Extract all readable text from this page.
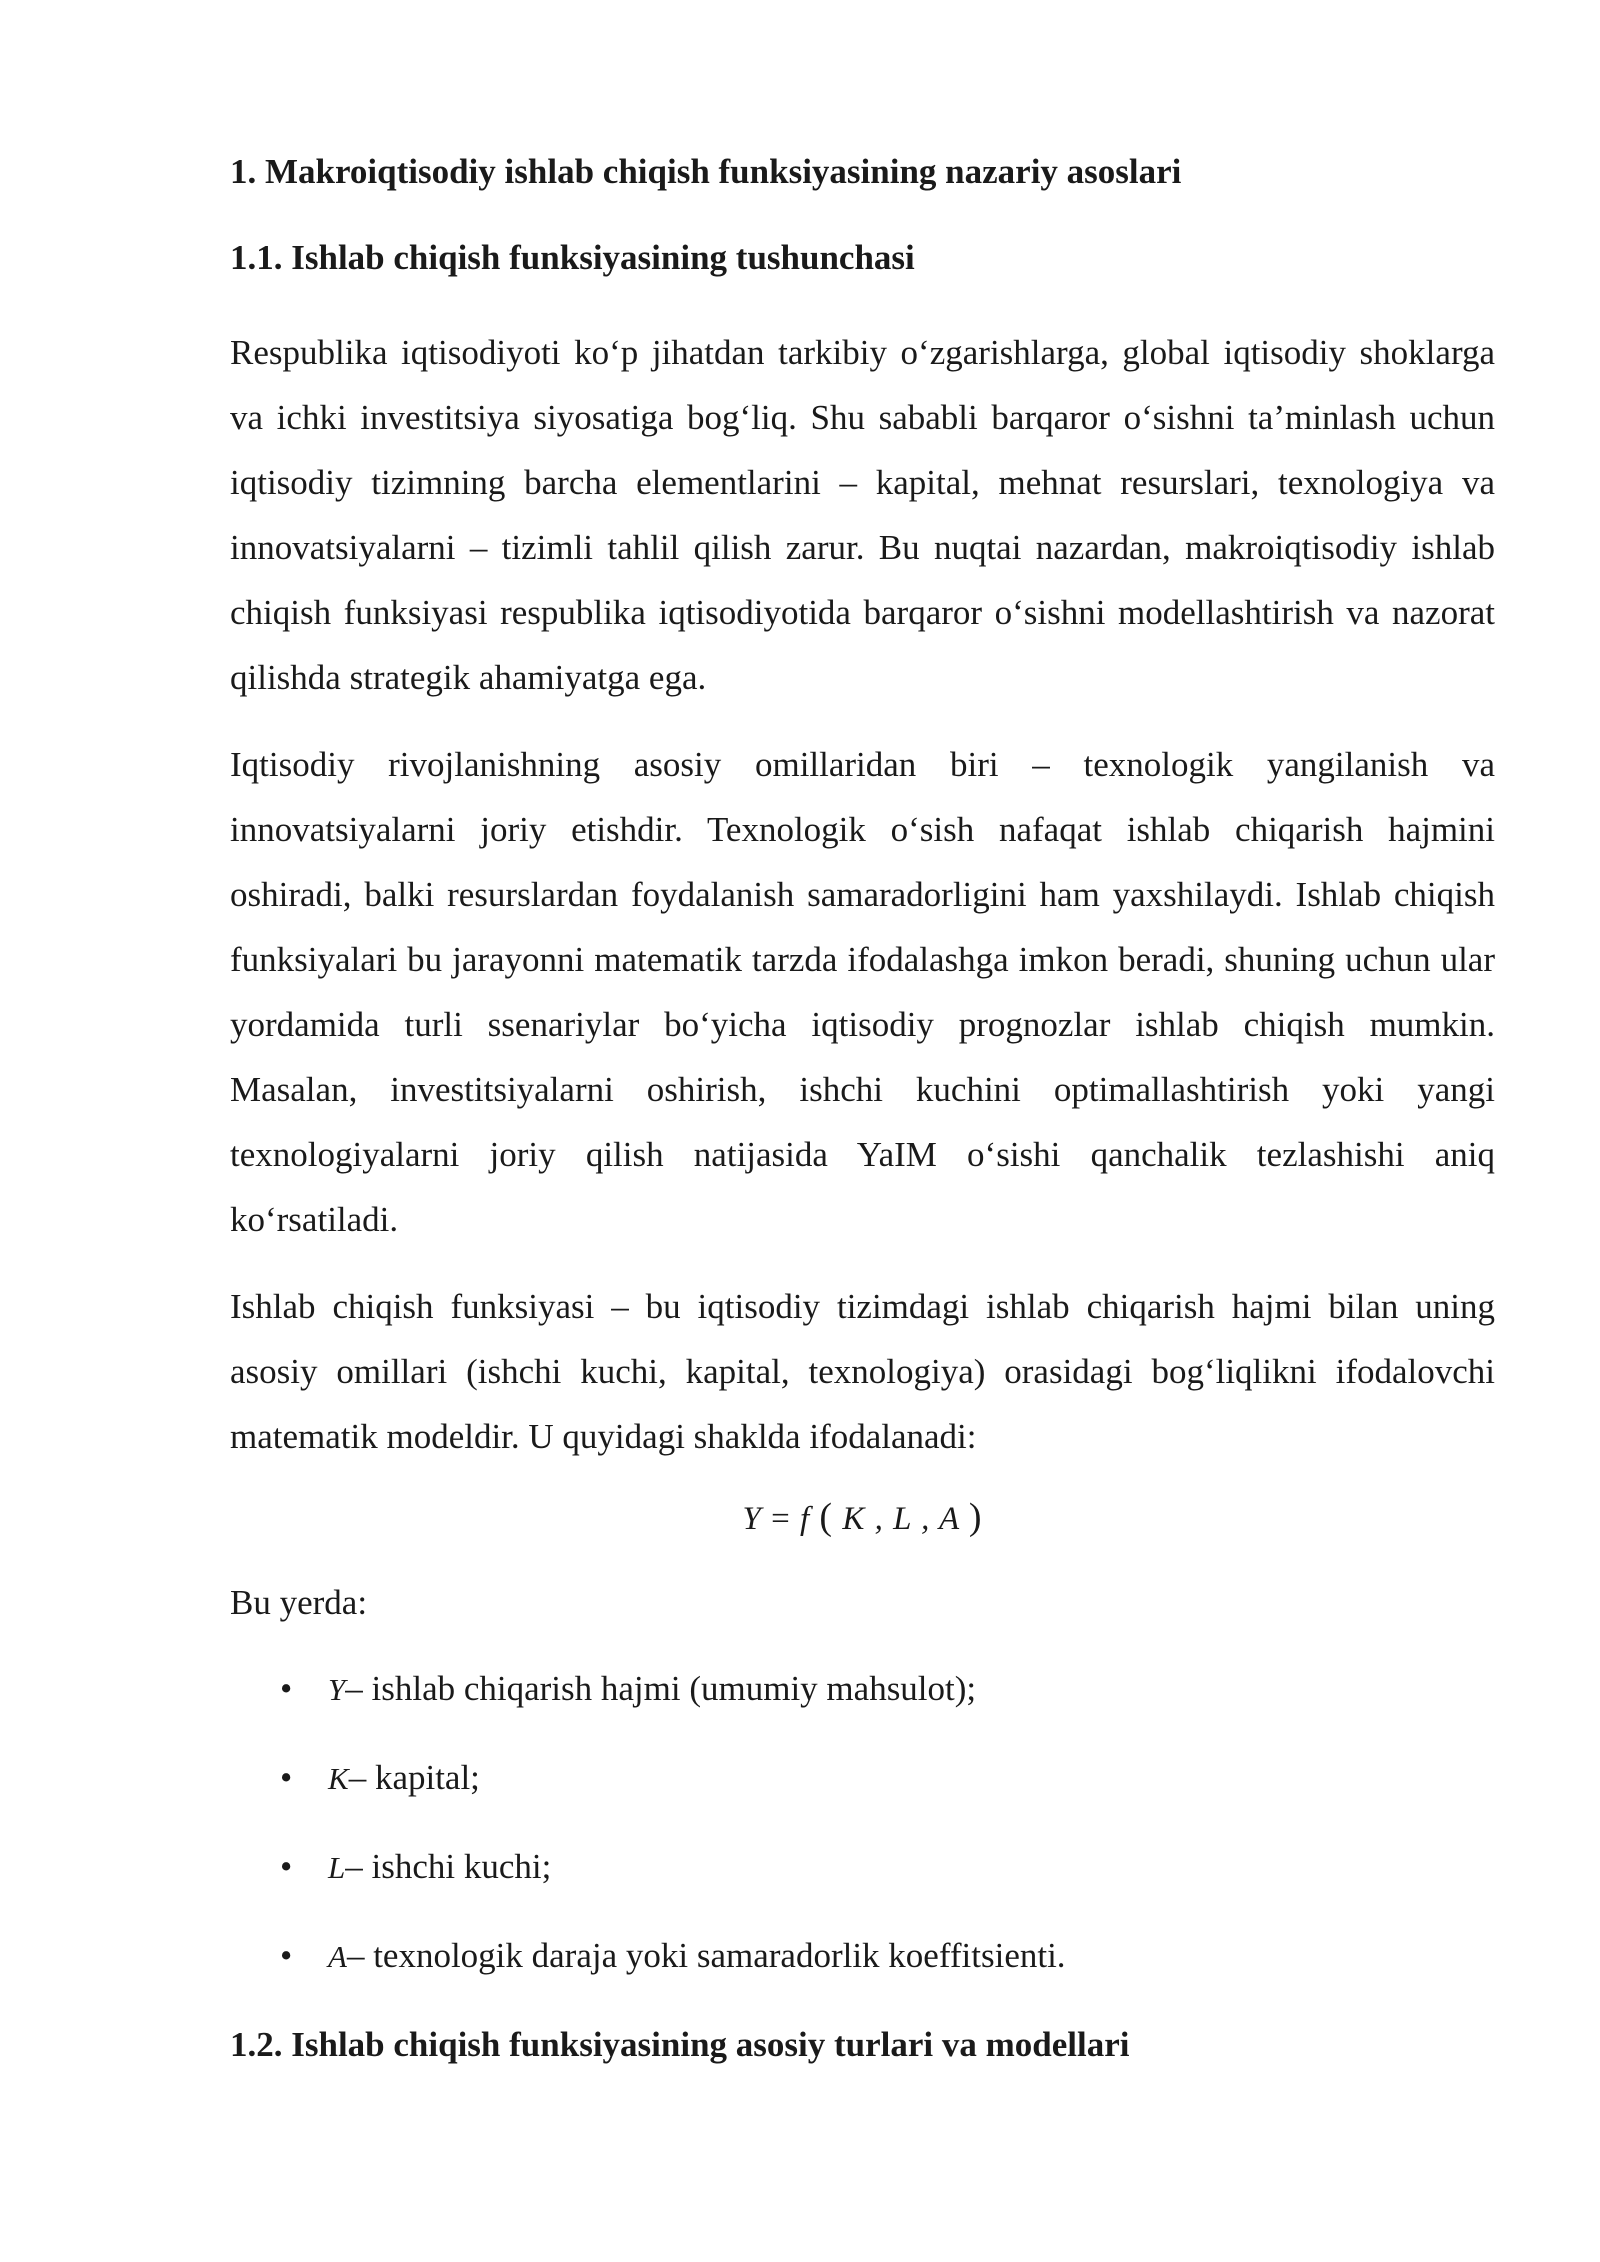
1. Makroiqtisodiy ishlab chiqish funksiyasining nazariy asoslari
1.1. Ishlab chiqish funksiyasining tushunchasi

Respublika iqtisodiyoti ko‘p jihatdan tarkibiy o‘zgarishlarga, global iqtisodiy shoklarga va ichki investitsiya siyosatiga bog‘liq. Shu sababli barqaror o‘sishni ta’minlash uchun iqtisodiy tizimning barcha elementlarini – kapital, mehnat resurslari, texnologiya va innovatsiyalarni – tizimli tahlil qilish zarur. Bu nuqtai nazardan, makroiqtisodiy ishlab chiqish funksiyasi respublika iqtisodiyotida barqaror o‘sishni modellashtirish va nazorat qilishda strategik ahamiyatga ega.

Iqtisodiy rivojlanishning asosiy omillaridan biri – texnologik yangilanish va innovatsiyalarni joriy etishdir. Texnologik o‘sish nafaqat ishlab chiqarish hajmini oshiradi, balki resurslardan foydalanish samaradorligini ham yaxshilaydi. Ishlab chiqish funksiyalari bu jarayonni matematik tarzda ifodalashga imkon beradi, shuning uchun ular yordamida turli ssenariylar bo‘yicha iqtisodiy prognozlar ishlab chiqish mumkin. Masalan, investitsiyalarni oshirish, ishchi kuchini optimallashtirish yoki yangi texnologiyalarni joriy qilish natijasida YaIM o‘sishi qanchalik tezlashishi aniq ko‘rsatiladi.

Ishlab chiqish funksiyasi – bu iqtisodiy tizimdagi ishlab chiqarish hajmi bilan uning asosiy omillari (ishchi kuchi, kapital, texnologiya) orasidagi bog‘liqlikni ifodalovchi matematik modeldir. U quyidagi shaklda ifodalanadi:

Y = f ( K , L , A )

Bu yerda:

• Y– ishlab chiqarish hajmi (umumiy mahsulot);
• K– kapital;
• L– ishchi kuchi;
• A– texnologik daraja yoki samaradorlik koeffitsienti.
1.2. Ishlab chiqish funksiyasining asosiy turlari va modellari
